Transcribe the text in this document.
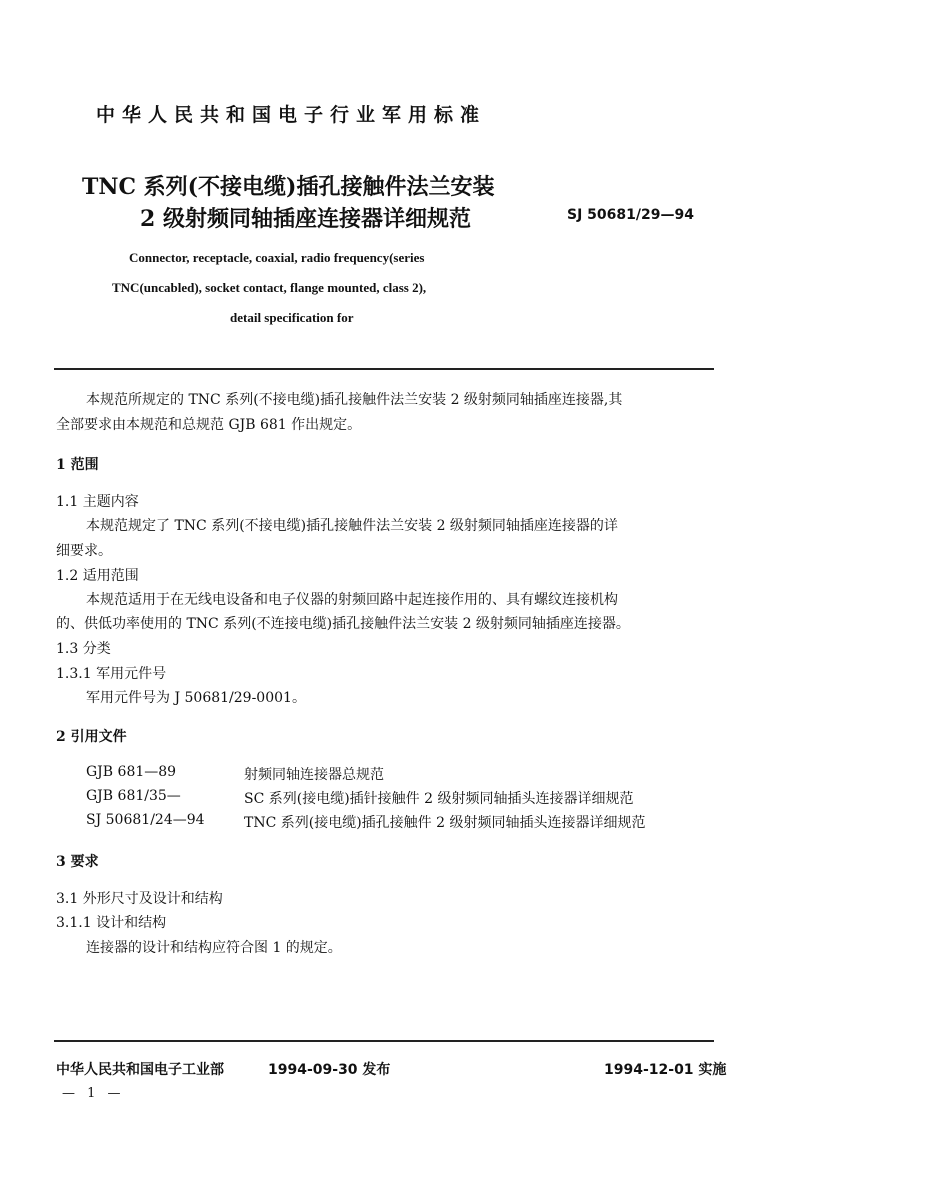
中华人民共和国电子行业军用标准
TNC 系列(不接电缆)插孔接触件法兰安装
2 级射频同轴插座连接器详细规范	SJ 50681/29—94
Connector, receptacle, coaxial, radio frequency(series
TNC(uncabled), socket contact, flange mounted, class 2),
detail specification for
本规范所规定的 TNC 系列(不接电缆)插孔接触件法兰安装 2 级射频同轴插座连接器,其
全部要求由本规范和总规范 GJB 681 作出规定。
1 范围
1.1 主题内容
本规范规定了 TNC 系列(不接电缆)插孔接触件法兰安装 2 级射频同轴插座连接器的详
细要求。
1.2 适用范围
本规范适用于在无线电设备和电子仪器的射频回路中起连接作用的、具有螺纹连接机构
的、供低功率使用的 TNC 系列(不连接电缆)插孔接触件法兰安装 2 级射频同轴插座连接器。
1.3 分类
1.3.1 军用元件号
军用元件号为 J 50681/29-0001。
2 引用文件
GJB 681—89	射频同轴连接器总规范
GJB 681/35—	SC 系列(接电缆)插针接触件 2 级射频同轴插头连接器详细规范
SJ 50681/24—94	TNC 系列(接电缆)插孔接触件 2 级射频同轴插头连接器详细规范
3 要求
3.1 外形尺寸及设计和结构
3.1.1 设计和结构
连接器的设计和结构应符合图 1 的规定。
中华人民共和国电子工业部	1994-09-30 发布	1994-12-01 实施
— 1 —
